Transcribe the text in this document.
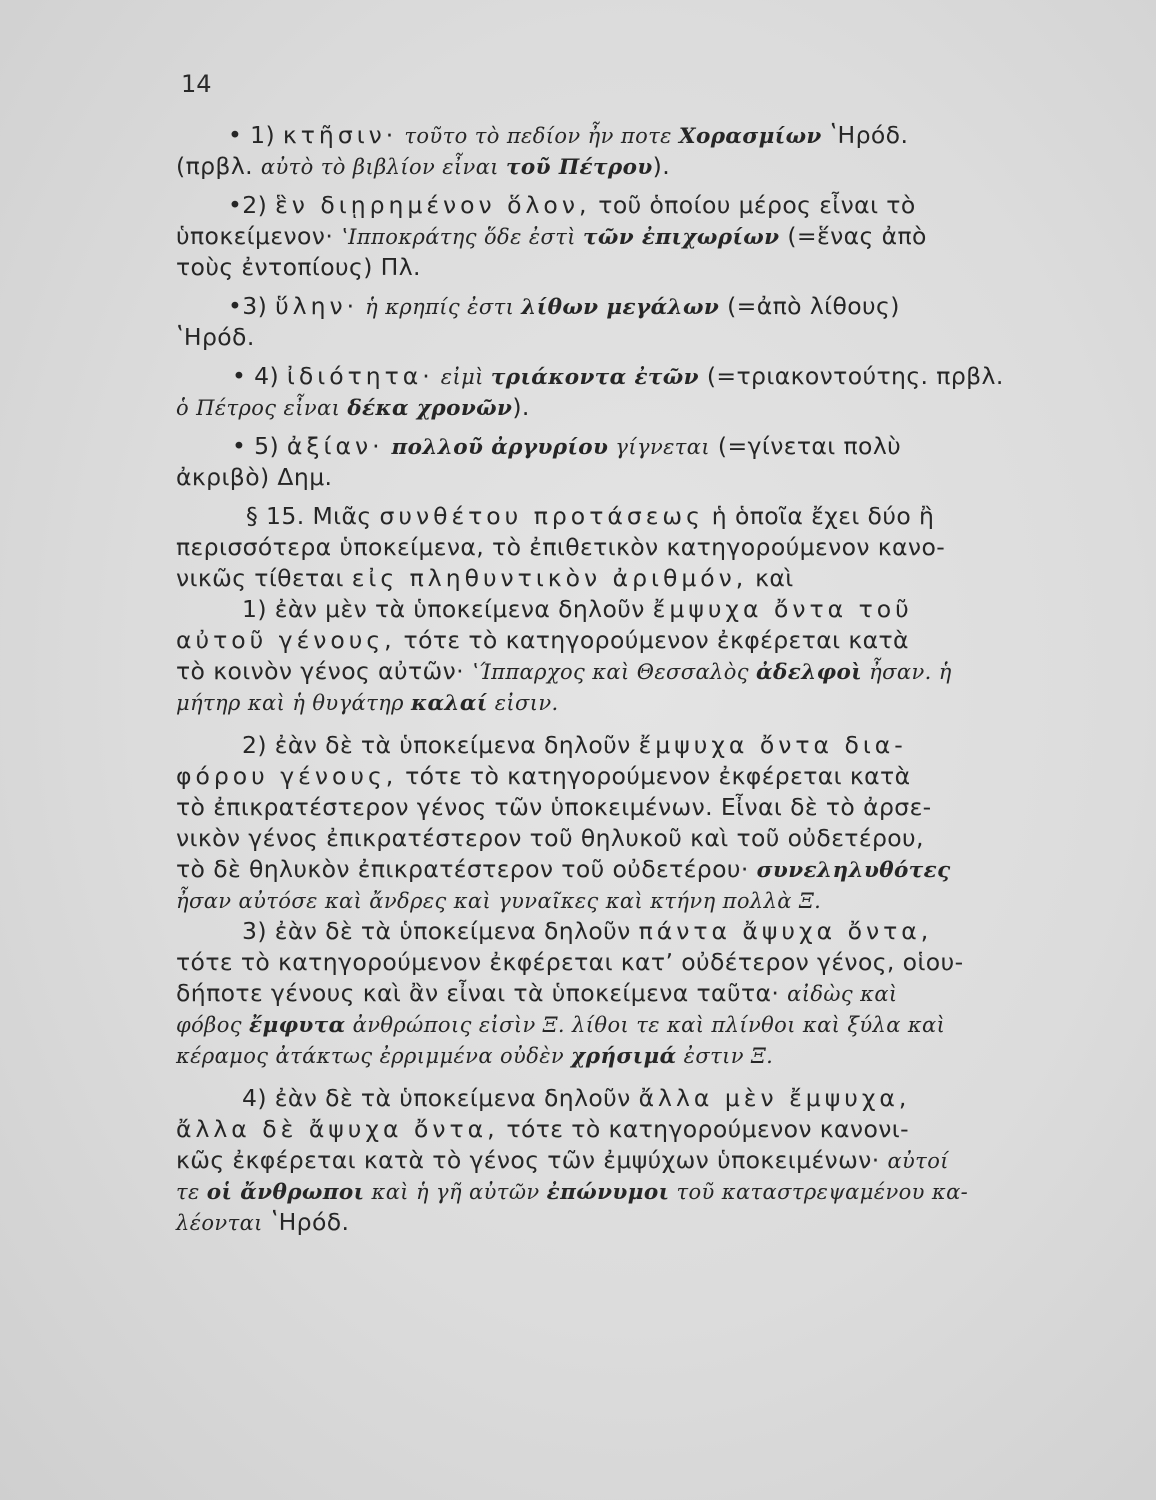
14
• 1) κτῆσιν· τοῦτο τὸ πεδίον ἦν ποτε Χορασμίων ʽΗρόδ.
(πρβλ. αὐτὸ τὸ βιβλίον εἶναι τοῦ Πέτρου).
•2) ἓν διῃρημένον ὅλον, τοῦ ὁποίου μέρος εἶναι τὸ
ὑποκείμενον· ʽΙπποκράτης ὅδε ἐστὶ τῶν ἐπιχωρίων (=ἕνας ἀπὸ
τοὺς ἐντοπίους) Πλ.
•3) ὕλην· ἡ κρηπίς ἐστι λίθων μεγάλων (=ἀπὸ λίθους)
ʽΗρόδ.
• 4) ἰδιότητα· εἰμὶ τριάκοντα ἐτῶν (=τριακοντούτης. πρβλ.
ὁ Πέτρος εἶναι δέκα χρονῶν).
• 5) ἀξίαν· πολλοῦ ἀργυρίου γίγνεται (=γίνεται πολὺ
ἀκριβὸ) Δημ.
§ 15. Μιᾶς συνθέτου προτάσεως ἡ ὁποῖα ἔχει δύο ἢ
περισσότερα ὑποκείμενα, τὸ ἐπιθετικὸν κατηγορούμενον κανο-
νικῶς τίθεται εἰς πληθυντικὸν ἀριθμόν, καὶ
1) ἐὰν μὲν τὰ ὑποκείμενα δηλοῦν ἔμψυχα ὄντα τοῦ
αὐτοῦ γένους, τότε τὸ κατηγορούμενον ἐκφέρεται κατὰ
τὸ κοινὸν γένος αὐτῶν· ʽΊππαρχος καὶ Θεσσαλὸς ἀδελφοὶ ἦσαν. ἡ
μήτηρ καὶ ἡ θυγάτηρ καλαί εἰσιν.
2) ἐὰν δὲ τὰ ὑποκείμενα δηλοῦν ἔμψυχα ὄντα δια-
φόρου γένους, τότε τὸ κατηγορούμενον ἐκφέρεται κατὰ
τὸ ἐπικρατέστερον γένος τῶν ὑποκειμένων. Εἶναι δὲ τὸ ἀρσε-
νικὸν γένος ἐπικρατέστερον τοῦ θηλυκοῦ καὶ τοῦ οὐδετέρου,
τὸ δὲ θηλυκὸν ἐπικρατέστερον τοῦ οὐδετέρου· συνεληλυθότες
ἦσαν αὐτόσε καὶ ἄνδρες καὶ γυναῖκες καὶ κτήνη πολλὰ Ξ.
3) ἐὰν δὲ τὰ ὑποκείμενα δηλοῦν πάντα ἄψυχα ὄντα,
τότε τὸ κατηγορούμενον ἐκφέρεται κατʼ οὐδέτερον γένος, οἱου-
δήποτε γένους καὶ ἂν εἶναι τὰ ὑποκείμενα ταῦτα· αἰδὼς καὶ
φόβος ἔμφυτα ἀνθρώποις εἰσὶν Ξ. λίθοι τε καὶ πλίνθοι καὶ ξύλα καὶ
κέραμος ἀτάκτως ἐρριμμένα οὐδὲν χρήσιμά ἐστιν Ξ.
4) ἐὰν δὲ τὰ ὑποκείμενα δηλοῦν ἄλλα μὲν ἔμψυχα,
ἄλλα δὲ ἄψυχα ὄντα, τότε τὸ κατηγορούμενον κανονι-
κῶς ἐκφέρεται κατὰ τὸ γένος τῶν ἐμψύχων ὑποκειμένων· αὐτοί
τε οἱ ἄνθρωποι καὶ ἡ γῆ αὐτῶν ἐπώνυμοι τοῦ καταστρεψαμένου κα-
λέονται ʽΗρόδ.
